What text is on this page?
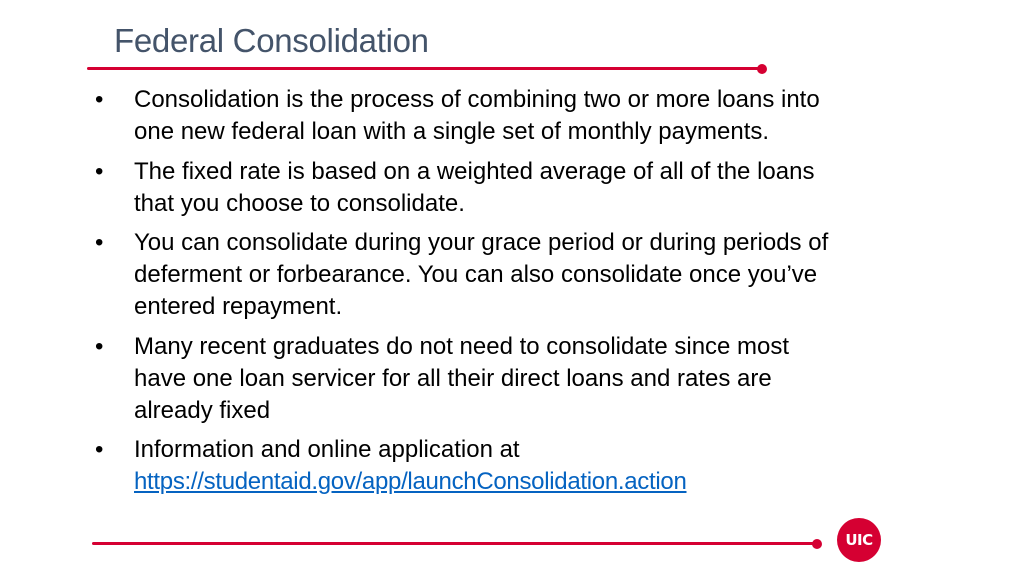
Federal Consolidation
• Consolidation is the process of combining two or more loans into one new federal loan with a single set of monthly payments.
• The fixed rate is based on a weighted average of all of the loans that you choose to consolidate.
• You can consolidate during your grace period or during periods of deferment or forbearance. You can also consolidate once you’ve entered repayment.
• Many recent graduates do not need to consolidate since most have one loan servicer for all their direct loans and rates are already fixed
• Information and online application at
https://studentaid.gov/app/launchConsolidation.action
UIC
